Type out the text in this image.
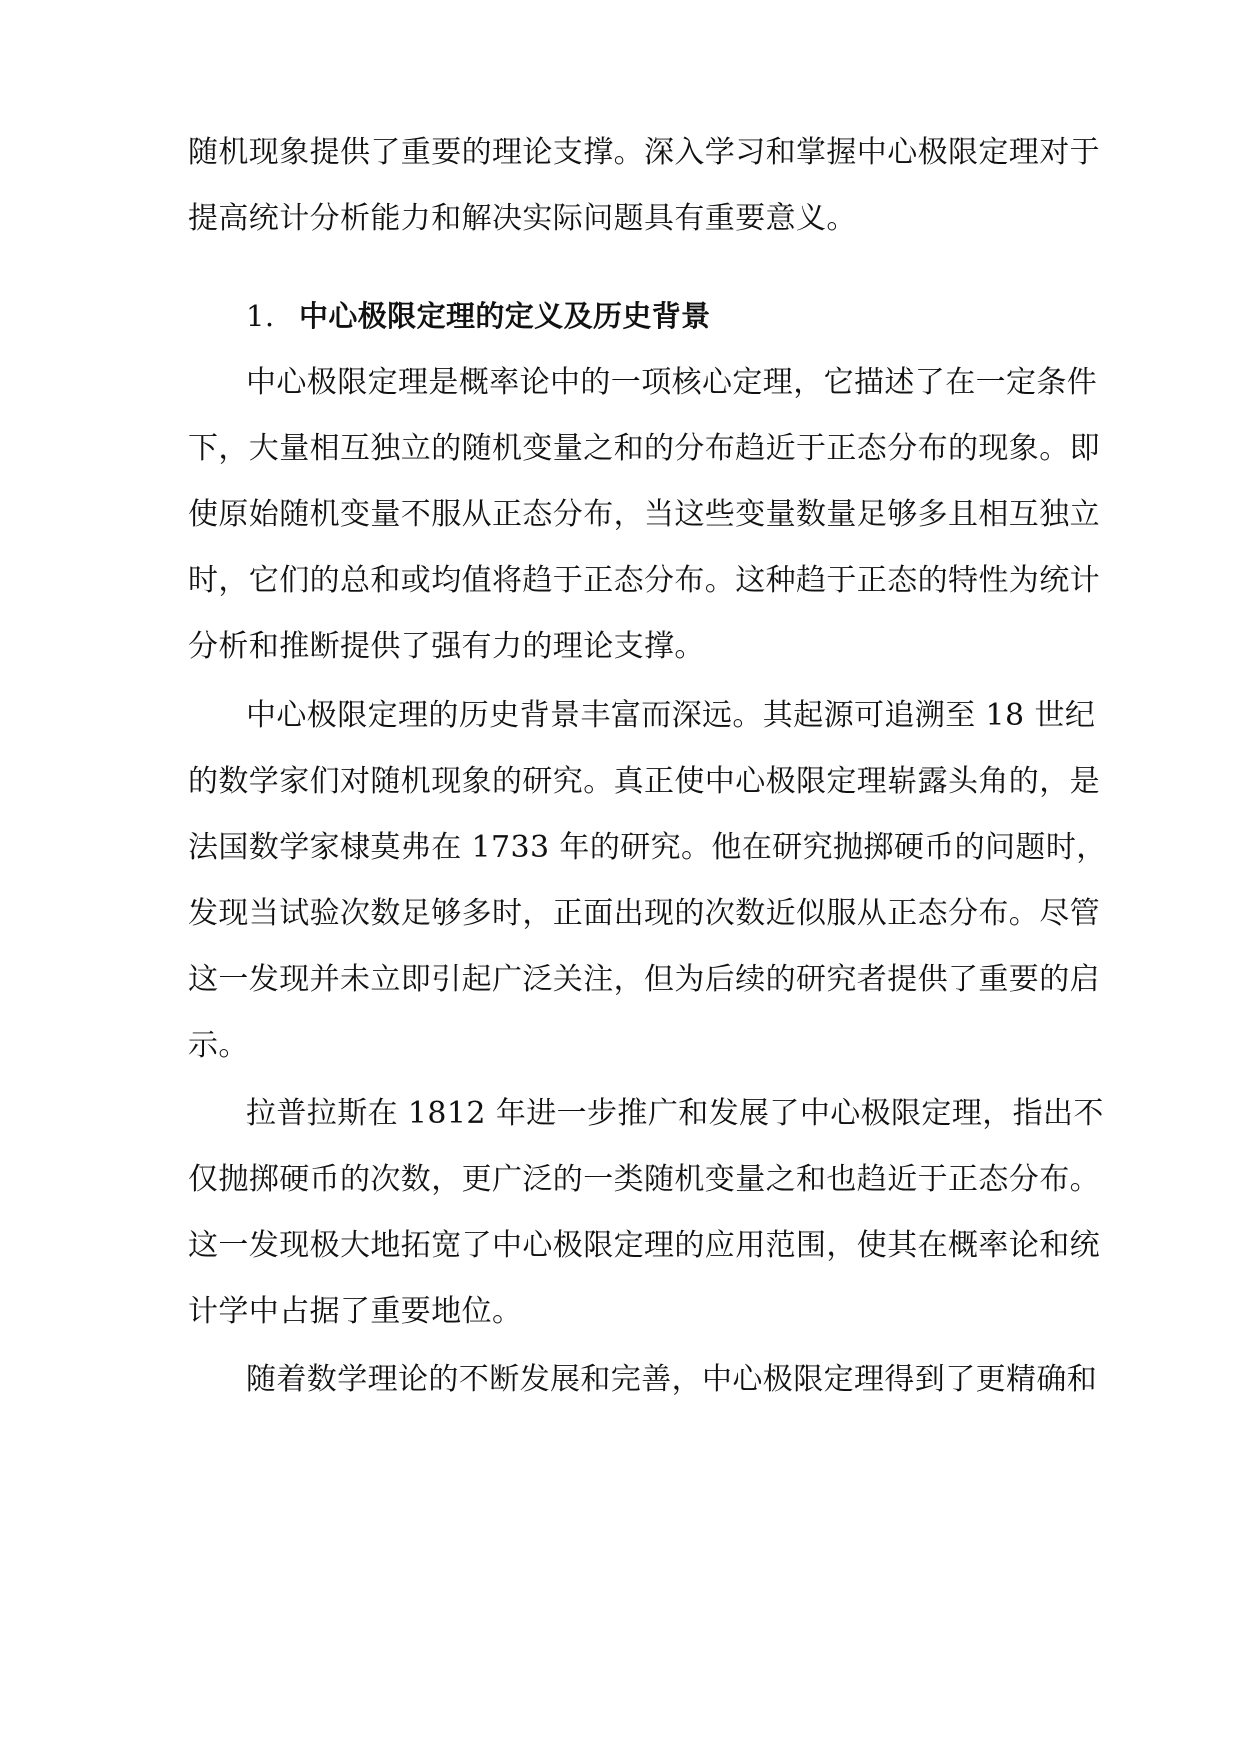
随机现象提供了重要的理论支撑。深入学习和掌握中心极限定理对于
提高统计分析能力和解决实际问题具有重要意义。
1. 中心极限定理的定义及历史背景
中心极限定理是概率论中的一项核心定理，它描述了在一定条件
下，大量相互独立的随机变量之和的分布趋近于正态分布的现象。即
使原始随机变量不服从正态分布，当这些变量数量足够多且相互独立
时，它们的总和或均值将趋于正态分布。这种趋于正态的特性为统计
分析和推断提供了强有力的理论支撑。
中心极限定理的历史背景丰富而深远。其起源可追溯至 18 世纪
的数学家们对随机现象的研究。真正使中心极限定理崭露头角的，是
法国数学家棣莫弗在 1733 年的研究。他在研究抛掷硬币的问题时，
发现当试验次数足够多时，正面出现的次数近似服从正态分布。尽管
这一发现并未立即引起广泛关注，但为后续的研究者提供了重要的启
示。
拉普拉斯在 1812 年进一步推广和发展了中心极限定理，指出不
仅抛掷硬币的次数，更广泛的一类随机变量之和也趋近于正态分布。
这一发现极大地拓宽了中心极限定理的应用范围，使其在概率论和统
计学中占据了重要地位。
随着数学理论的不断发展和完善，中心极限定理得到了更精确和
